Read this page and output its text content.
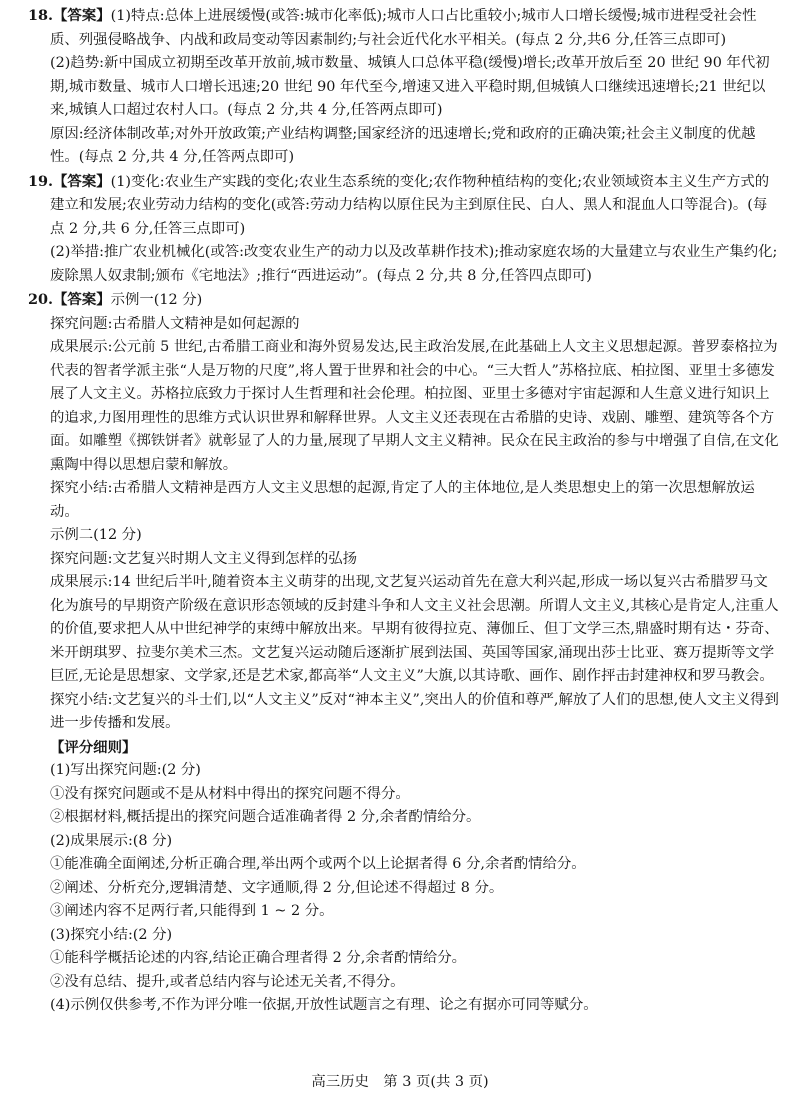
18.【答案】(1)特点:总体上进展缓慢(或答:城市化率低);城市人口占比重较小;城市人口增长缓慢;城市进程受社会性质、列强侵略战争、内战和政局变动等因素制约;与社会近代化水平相关。(每点 2 分,共6 分,任答三点即可)

(2)趋势:新中国成立初期至改革开放前,城市数量、城镇人口总体平稳(缓慢)增长;改革开放后至 20 世纪 90 年代初期,城市数量、城市人口增长迅速;20 世纪 90 年代至今,增速又进入平稳时期,但城镇人口继续迅速增长;21 世纪以来,城镇人口超过农村人口。(每点 2 分,共 4 分,任答两点即可)

原因:经济体制改革;对外开放政策;产业结构调整;国家经济的迅速增长;党和政府的正确决策;社会主义制度的优越性。(每点 2 分,共 4 分,任答两点即可)

19.【答案】(1)变化:农业生产实践的变化;农业生态系统的变化;农作物种植结构的变化;农业领域资本主义生产方式的建立和发展;农业劳动力结构的变化(或答:劳动力结构以原住民为主到原住民、白人、黑人和混血人口等混合)。(每点 2 分,共 6 分,任答三点即可)

(2)举措:推广农业机械化(或答:改变农业生产的动力以及改革耕作技术);推动家庭农场的大量建立与农业生产集约化;废除黑人奴隶制;颁布《宅地法》;推行“西进运动”。(每点 2 分,共 8 分,任答四点即可)

20.【答案】示例一(12 分)

探究问题:古希腊人文精神是如何起源的

成果展示:公元前 5 世纪,古希腊工商业和海外贸易发达,民主政治发展,在此基础上人文主义思想起源。普罗泰格拉为代表的智者学派主张“人是万物的尺度”,将人置于世界和社会的中心。“三大哲人”苏格拉底、柏拉图、亚里士多德发展了人文主义。苏格拉底致力于探讨人生哲理和社会伦理。柏拉图、亚里士多德对宇宙起源和人生意义进行知识上的追求,力图用理性的思维方式认识世界和解释世界。人文主义还表现在古希腊的史诗、戏剧、雕塑、建筑等各个方面。如雕塑《掷铁饼者》就彰显了人的力量,展现了早期人文主义精神。民众在民主政治的参与中增强了自信,在文化熏陶中得以思想启蒙和解放。

探究小结:古希腊人文精神是西方人文主义思想的起源,肯定了人的主体地位,是人类思想史上的第一次思想解放运动。

示例二(12 分)

探究问题:文艺复兴时期人文主义得到怎样的弘扬

成果展示:14 世纪后半叶,随着资本主义萌芽的出现,文艺复兴运动首先在意大利兴起,形成一场以复兴古希腊罗马文化为旗号的早期资产阶级在意识形态领域的反封建斗争和人文主义社会思潮。所谓人文主义,其核心是肯定人,注重人的价值,要求把人从中世纪神学的束缚中解放出来。早期有彼得拉克、薄伽丘、但丁文学三杰,鼎盛时期有达・芬奇、米开朗琪罗、拉斐尔美术三杰。文艺复兴运动随后逐渐扩展到法国、英国等国家,涌现出莎士比亚、赛万提斯等文学巨匠,无论是思想家、文学家,还是艺术家,都高举“人文主义”大旗,以其诗歌、画作、剧作抨击封建神权和罗马教会。

探究小结:文艺复兴的斗士们,以“人文主义”反对“神本主义”,突出人的价值和尊严,解放了人们的思想,使人文主义得到进一步传播和发展。

【评分细则】

(1)写出探究问题:(2 分)

①没有探究问题或不是从材料中得出的探究问题不得分。

②根据材料,概括提出的探究问题合适准确者得 2 分,余者酌情给分。

(2)成果展示:(8 分)

①能准确全面阐述,分析正确合理,举出两个或两个以上论据者得 6 分,余者酌情给分。

②阐述、分析充分,逻辑清楚、文字通顺,得 2 分,但论述不得超过 8 分。

③阐述内容不足两行者,只能得到 1 ~ 2 分。

(3)探究小结:(2 分)

①能科学概括论述的内容,结论正确合理者得 2 分,余者酌情给分。

②没有总结、提升,或者总结内容与论述无关者,不得分。

(4)示例仅供参考,不作为评分唯一依据,开放性试题言之有理、论之有据亦可同等赋分。

高三历史　第 3 页(共 3 页)
